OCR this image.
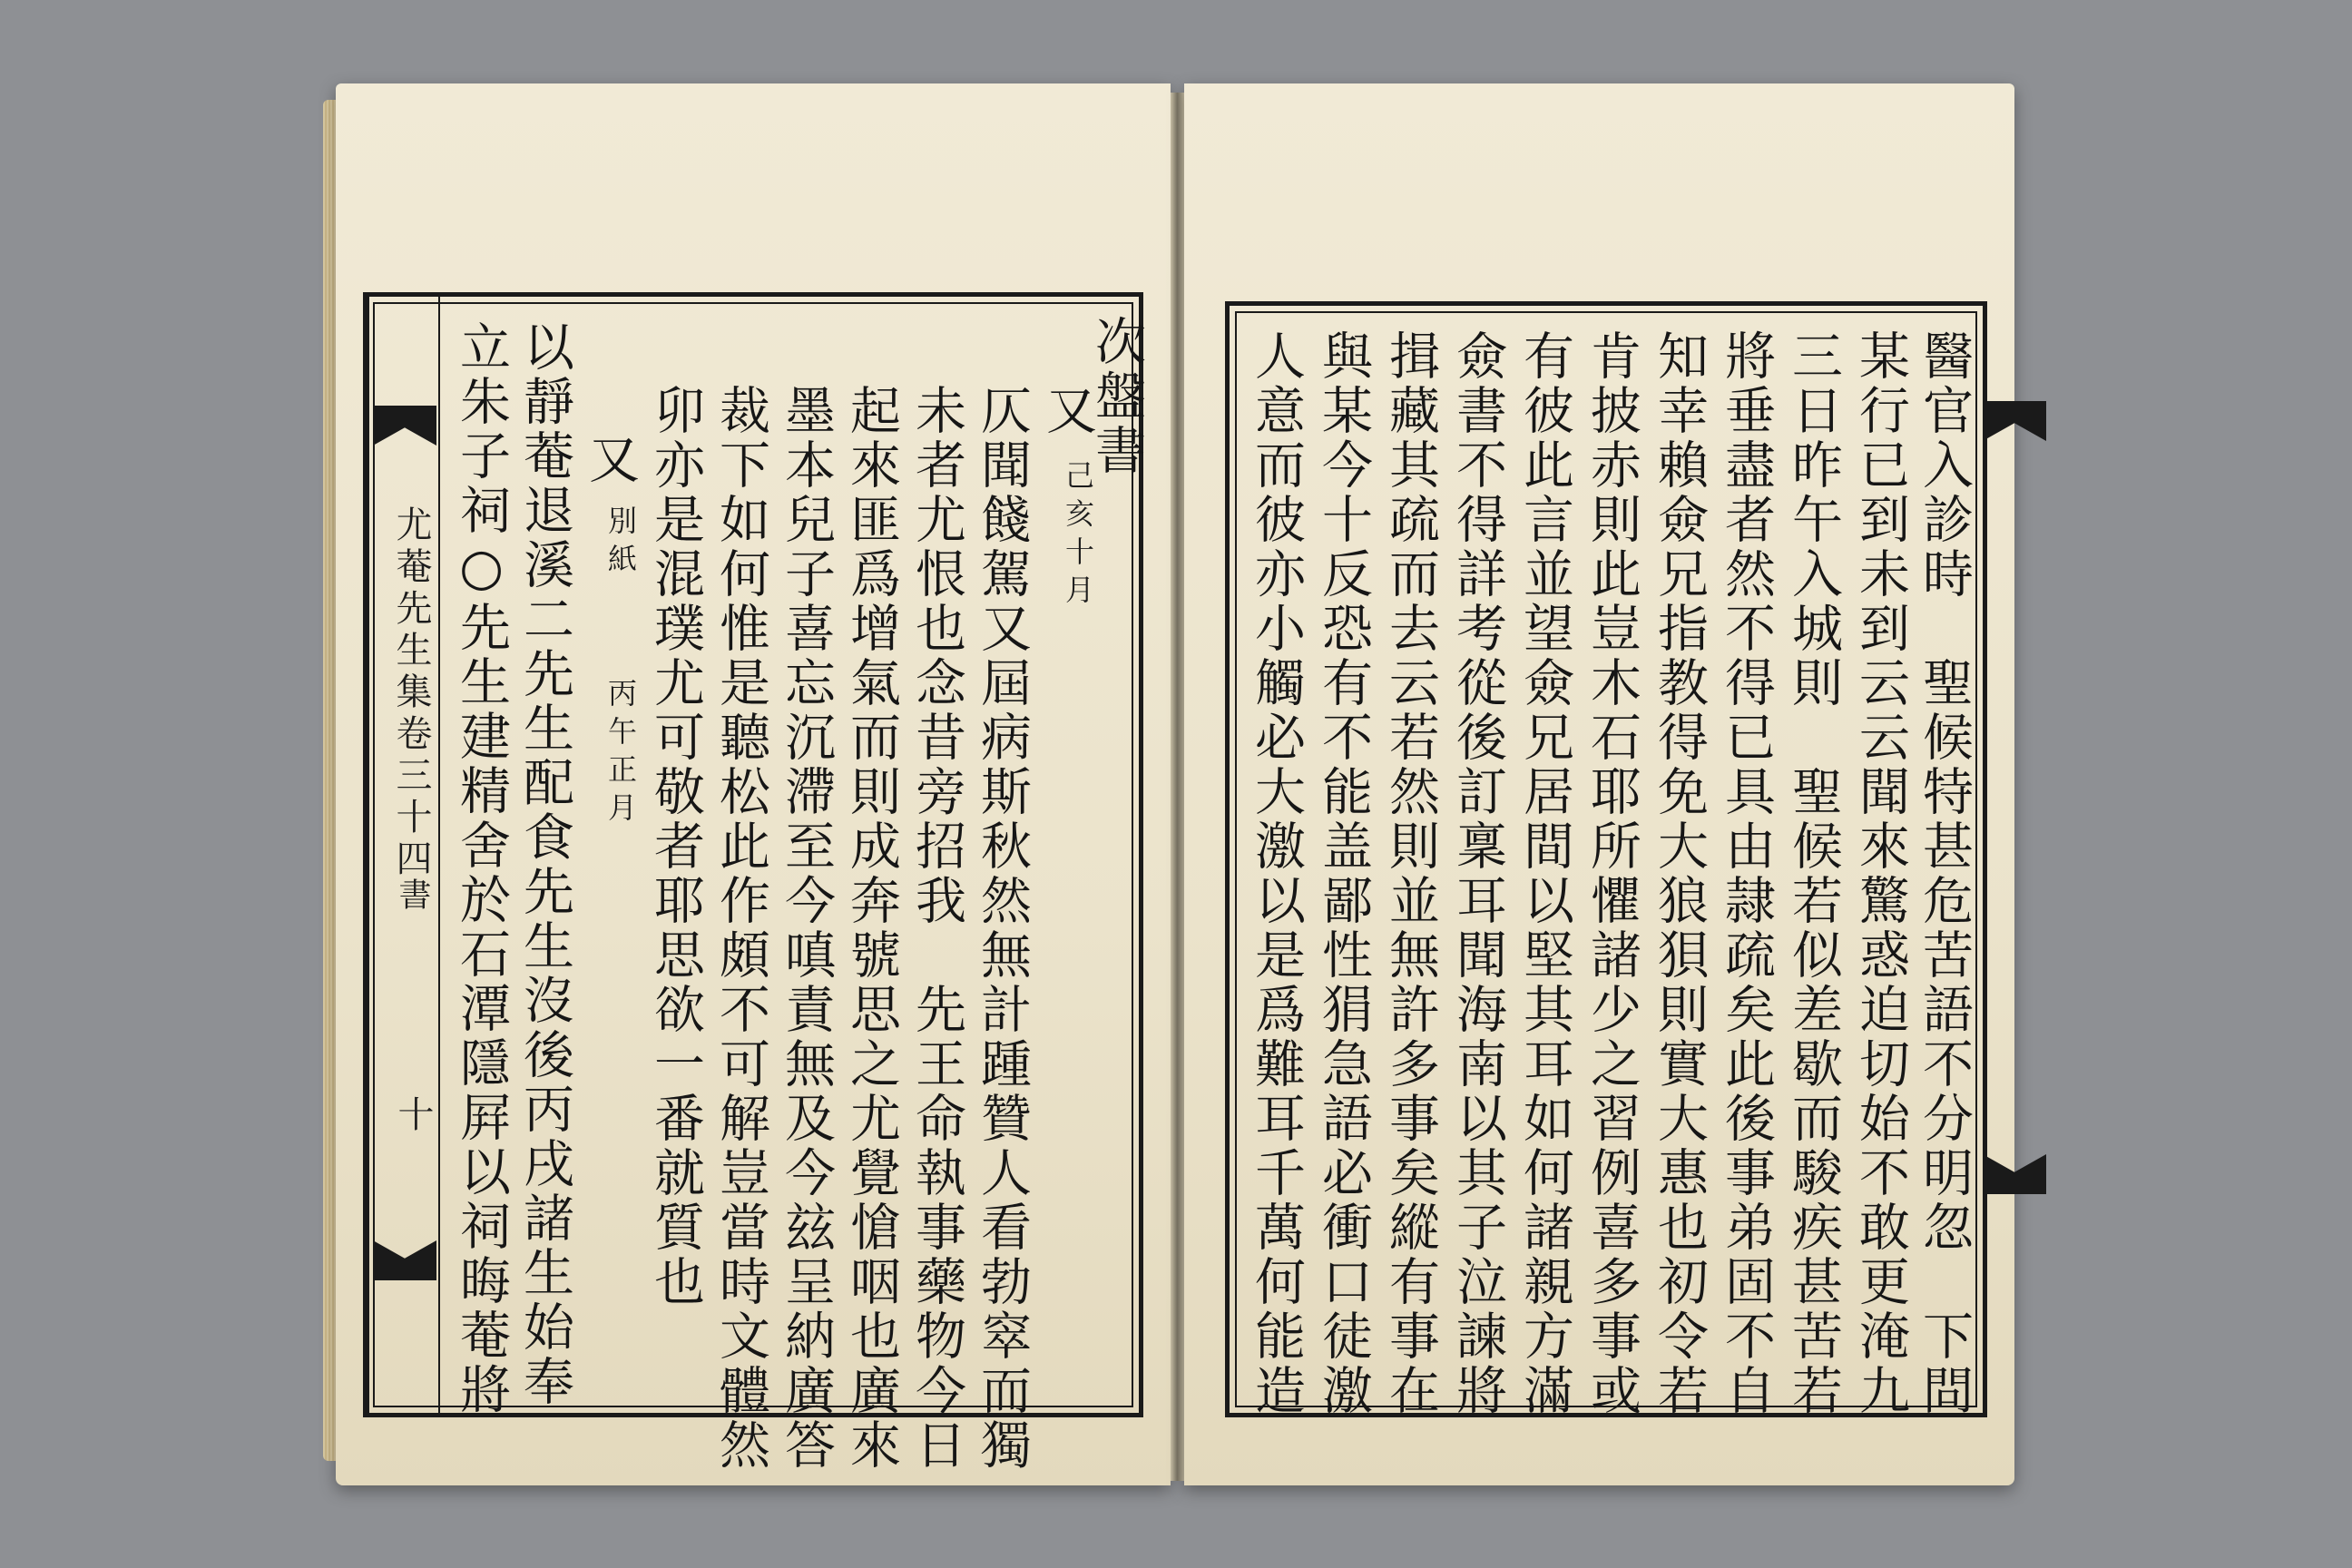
尤菴先生集卷三十四
書
十 立朱子祠○先生建精舍於石潭隱屛以祠晦菴將 以靜菴退溪二先生配食先生沒後丙戌諸生始奉 又
別紙
丙午正月 卯亦是混璞尤可敬者耶思欲一番就質也 裁下如何惟是聽松此作頗不可解豈當時文體然 墨本兒子喜忘沉滯至今嗔責無及今玆呈納廣答 起來匪爲增氣而則成奔號思之尤覺愴咽也廣來 未者尤恨也念昔旁招我　先王命執事藥物今日 仄聞餞駕又屆病斯秋然無計踵贊人看勃窣而獨 又
己亥十月
次盤書 人意而彼亦小觸必大激以是爲難耳千萬何能造 與某今十反恐有不能盖鄙性狷急語必衝口徒激 揖藏其疏而去云若然則並無許多事矣縱有事在 僉書不得詳考從後訂稟耳聞海南以其子泣諫將 有彼此言並望僉兄居間以堅其耳如何諸親方滿 肯披赤則此豈木石耶所懼諸少之習例喜多事或 知幸賴僉兄指教得免大狼狽則實大惠也初令若 將垂盡者然不得已具由隷疏矣此後事弟固不自 三日昨午入城則　聖候若似差歇而駿疾甚苦若 某行已到未到云云聞來驚惑迫切始不敢更淹九 醫官入診時　聖候特甚危苦語不分明忽　下問
